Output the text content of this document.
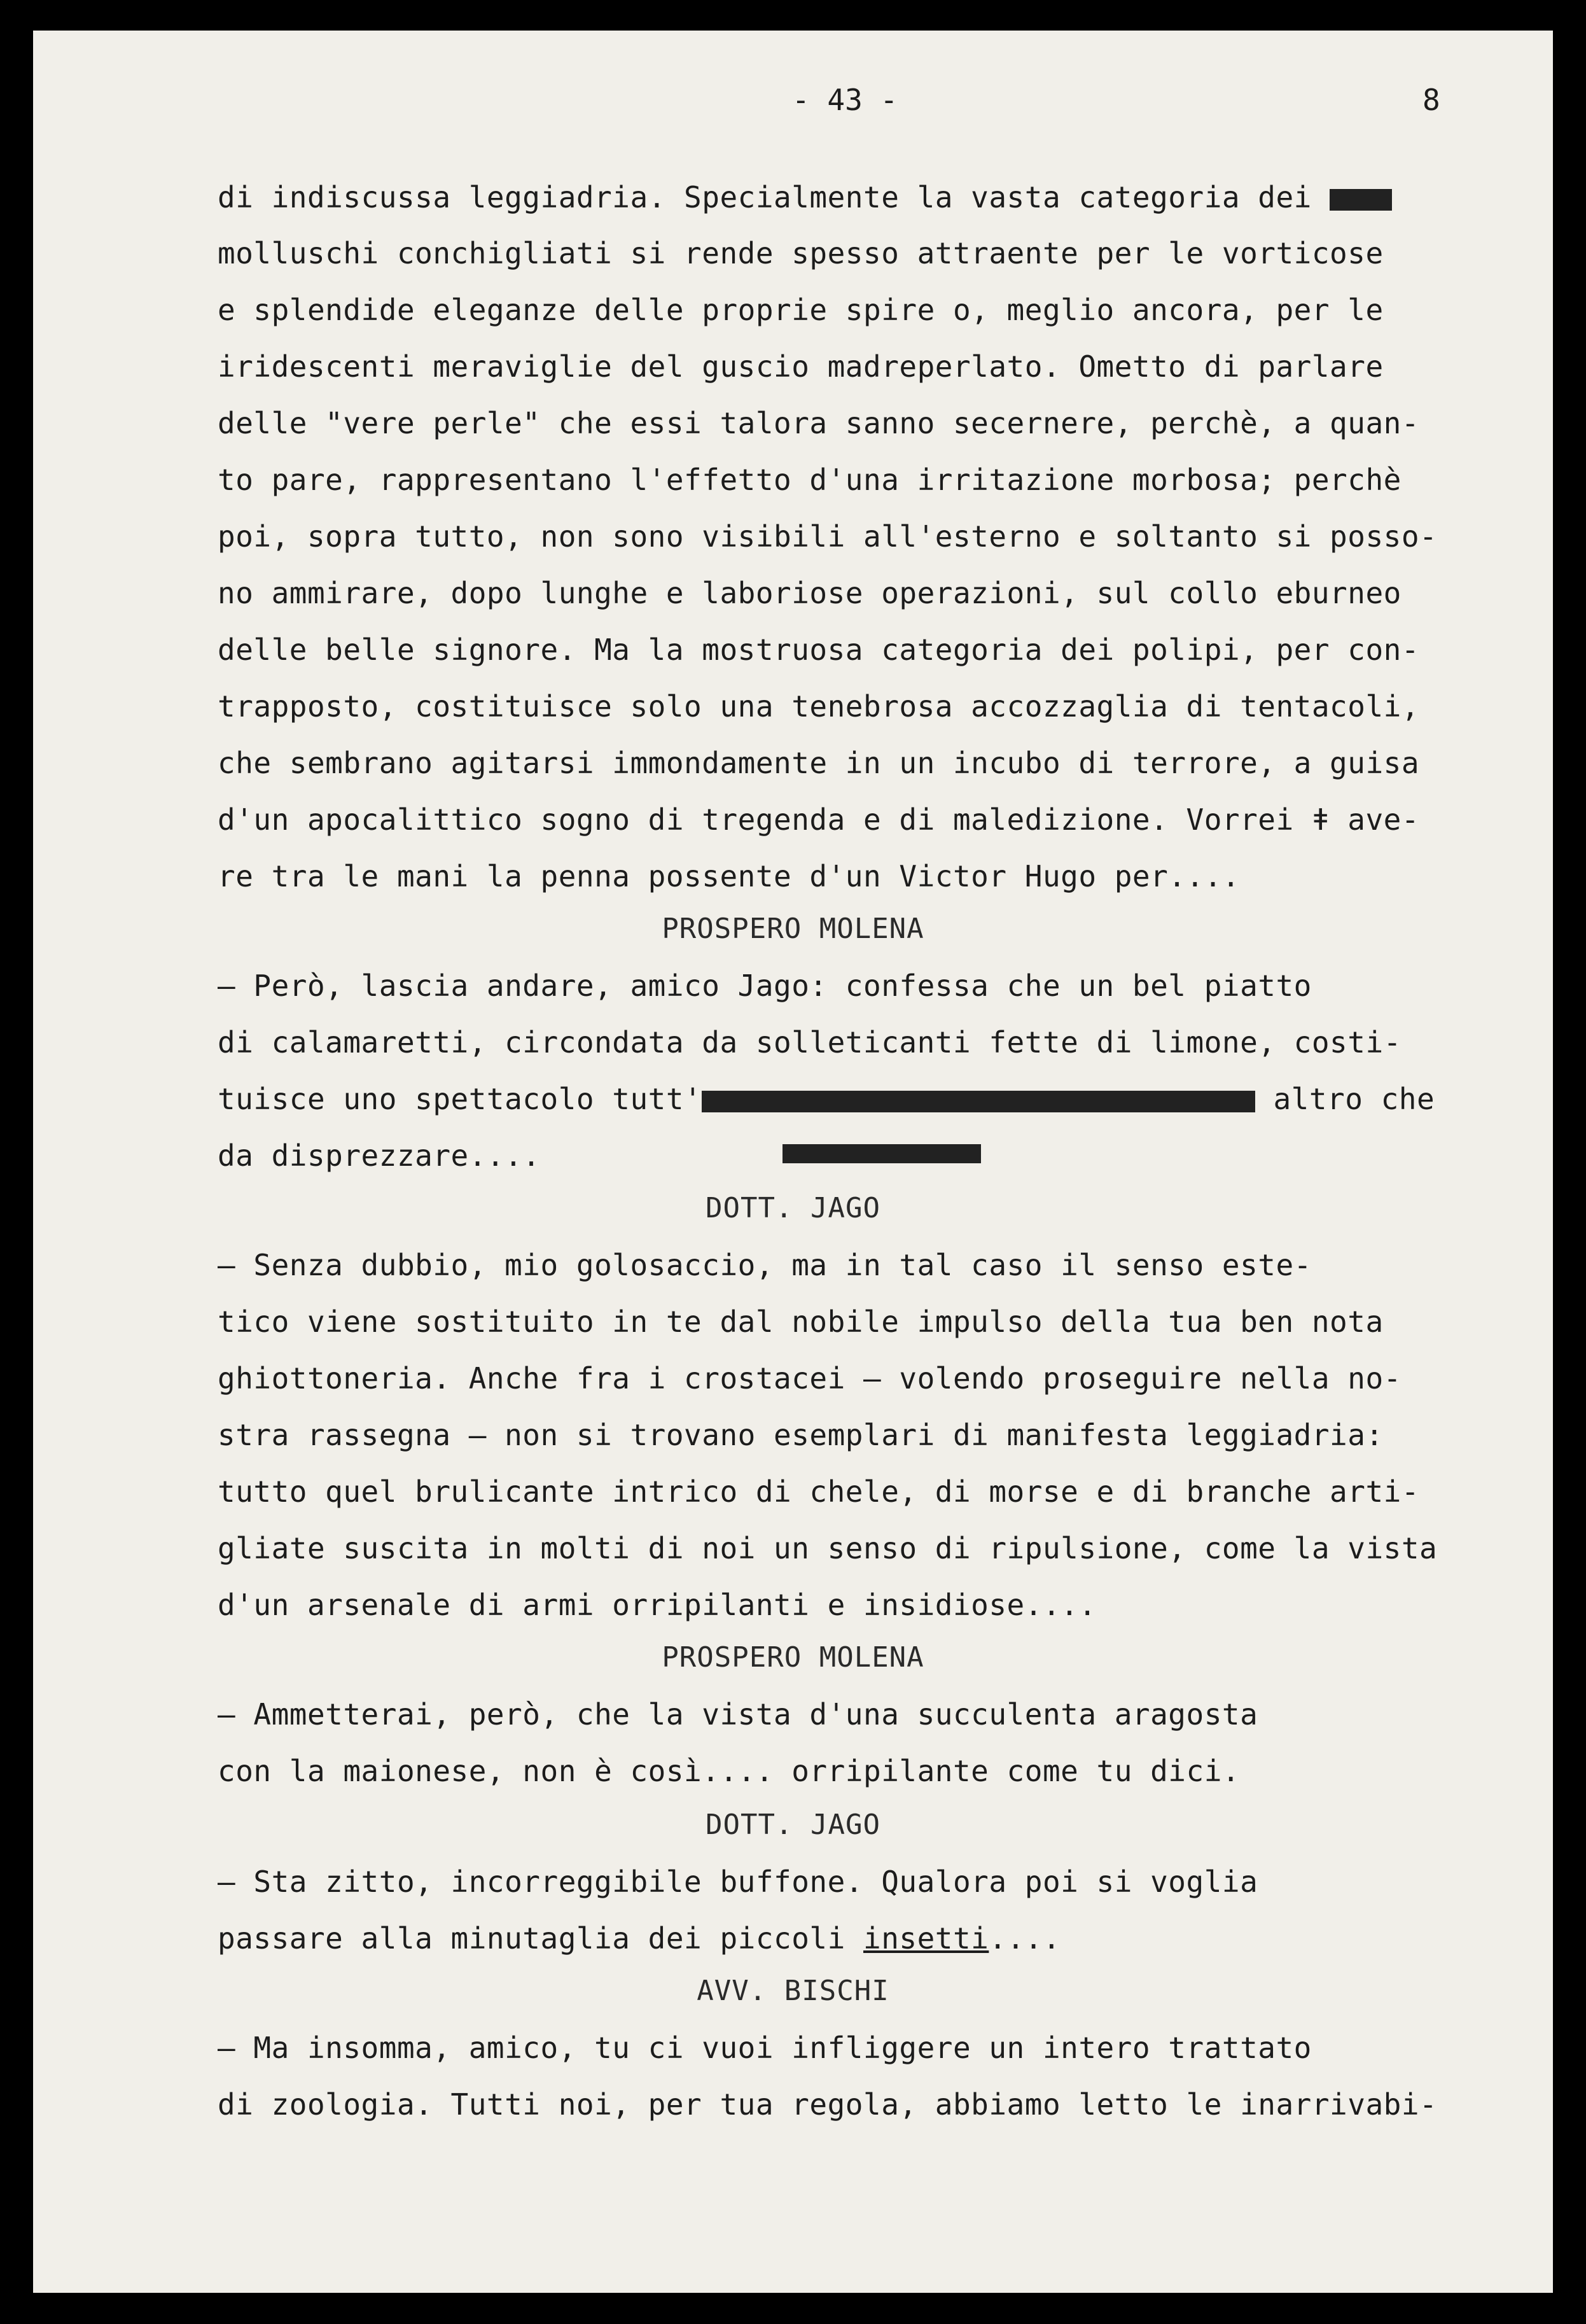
- 43 -	8
di indiscussa leggiadria. Specialmente la vasta categoria dei
molluschi conchigliati si rende spesso attraente per le vorticose
e splendide eleganze delle proprie spire o, meglio ancora, per le
iridescenti meraviglie del guscio madreperlato. Ometto di parlare
delle "vere perle" che essi talora sanno secernere, perchè, a quan-
to pare, rappresentano l'effetto d'una irritazione morbosa; perchè
poi, sopra tutto, non sono visibili all'esterno e soltanto si posso-
no ammirare, dopo lunghe e laboriose operazioni, sul collo eburneo
delle belle signore. Ma la mostruosa categoria dei polipi, per con-
trapposto, costituisce solo una tenebrosa accozzaglia di tentacoli,
che sembrano agitarsi immondamente in un incubo di terrore, a guisa
d'un apocalittico sogno di tregenda e di maledizione. Vorrei ǂ ave-
re tra le mani la penna possente d'un Victor Hugo per....
PROSPERO MOLENA
— Però, lascia andare, amico Jago: confessa che un bel piatto
di calamaretti, circondata da solleticanti fette di limone, costi-
tuisce uno spettacolo tutt'	altro che
da disprezzare....
DOTT. JAGO
— Senza dubbio, mio golosaccio, ma in tal caso il senso este-
tico viene sostituito in te dal nobile impulso della tua ben nota
ghiottoneria. Anche fra i crostacei — volendo proseguire nella no-
stra rassegna — non si trovano esemplari di manifesta leggiadria:
tutto quel brulicante intrico di chele, di morse e di branche arti-
gliate suscita in molti di noi un senso di ripulsione, come la vista
d'un arsenale di armi orripilanti e insidiose....
PROSPERO MOLENA
— Ammetterai, però, che la vista d'una succulenta aragosta
con la maionese, non è così.... orripilante come tu dici.
DOTT. JAGO
— Sta zitto, incorreggibile buffone. Qualora poi si voglia
passare alla minutaglia dei piccoli insetti....
AVV. BISCHI
— Ma insomma, amico, tu ci vuoi infliggere un intero trattato
di zoologia. Tutti noi, per tua regola, abbiamo letto le inarrivabi-
